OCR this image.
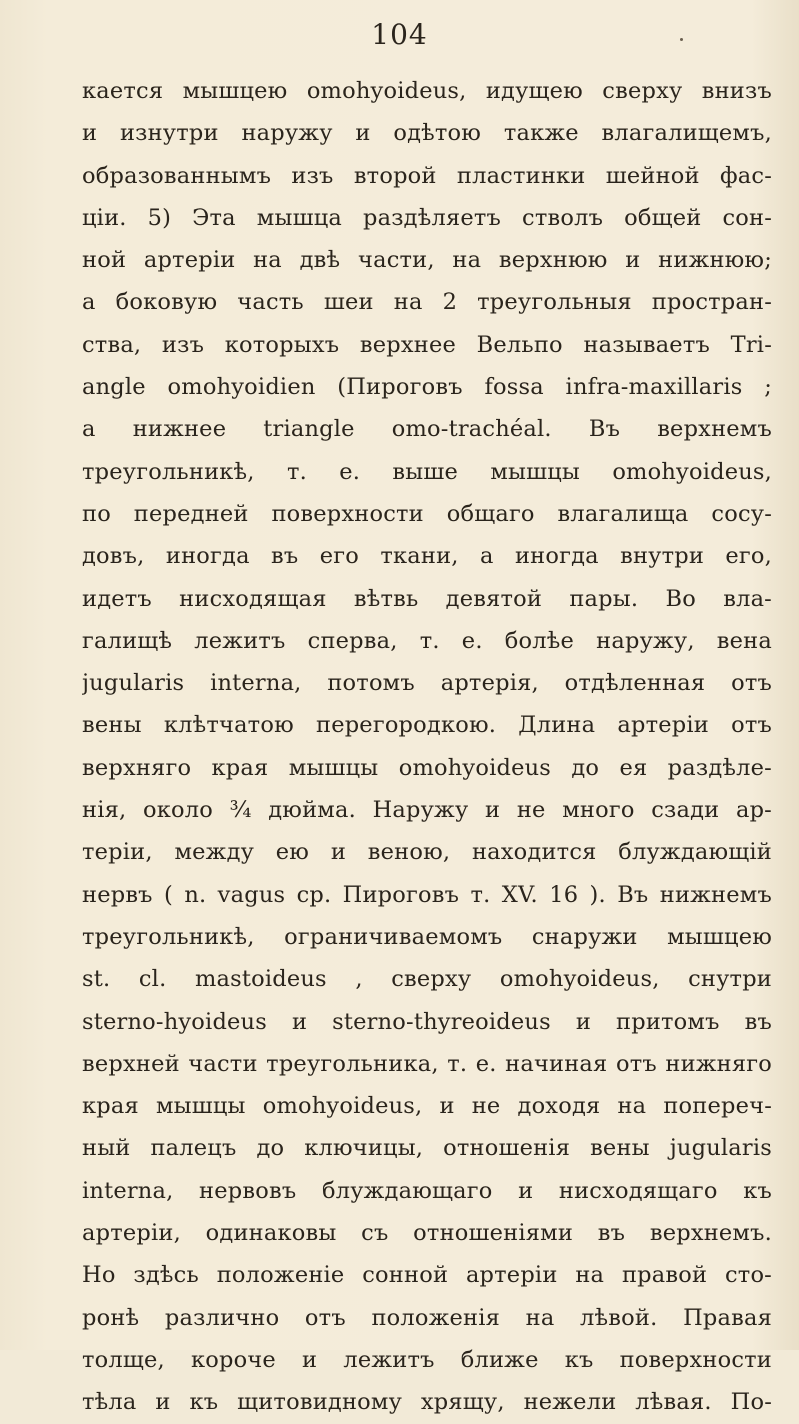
104
кается мышцею omohyoideus, идущею сверху внизъ
и изнутри наружу и одѣтою также влагалищемъ,
образованнымъ изъ второй пластинки шейной фас-
ціи. 5) Эта мышца раздѣляетъ стволъ общей сон-
ной артеріи на двѣ части, на верхнюю и нижнюю;
а боковую часть шеи на 2 треугольныя простран-
ства, изъ которыхъ верхнее Вельпо называетъ Tri-
angle omohyoidien (Пироговъ fossa infra-maxillaris ;
а нижнее triangle omo-trachéal. Въ верхнемъ
треугольникѣ, т. е. выше мышцы omohyoideus,
по передней поверхности общаго влагалища сосу-
довъ, иногда въ его ткани, а иногда внутри его,
идетъ нисходящая вѣтвь девятой пары. Во вла-
галищѣ лежитъ сперва, т. е. болѣе наружу, вена
jugularis interna, потомъ артерія, отдѣленная отъ
вены клѣтчатою перегородкою. Длина артеріи отъ
верхняго края мышцы omohyoideus до ея раздѣле-
нія, около ¾ дюйма. Наружу и не много сзади ар-
теріи, между ею и веною, находится блуждающій
нервъ ( n. vagus ср. Пироговъ т. XV. 16 ). Въ нижнемъ
треугольникѣ, ограничиваемомъ снаружи мышцею
st. cl. mastoideus , сверху omohyoideus, снутри
sterno-hyoideus и sterno-thyreoideus и притомъ въ
верхней части треугольника, т. е. начиная отъ нижняго
края мышцы omohyoideus, и не доходя на попереч-
ный палецъ до ключицы, отношенія вены jugularis
interna, нервовъ блуждающаго и нисходящаго къ
артеріи, одинаковы съ отношеніями въ верхнемъ.
Но здѣсь положеніе сонной артеріи на правой сто-
ронѣ различно отъ положенія на лѣвой. Правая
толще, короче и лежитъ ближе къ поверхности
тѣла и къ щитовидному хрящу, нежели лѣвая. По-
